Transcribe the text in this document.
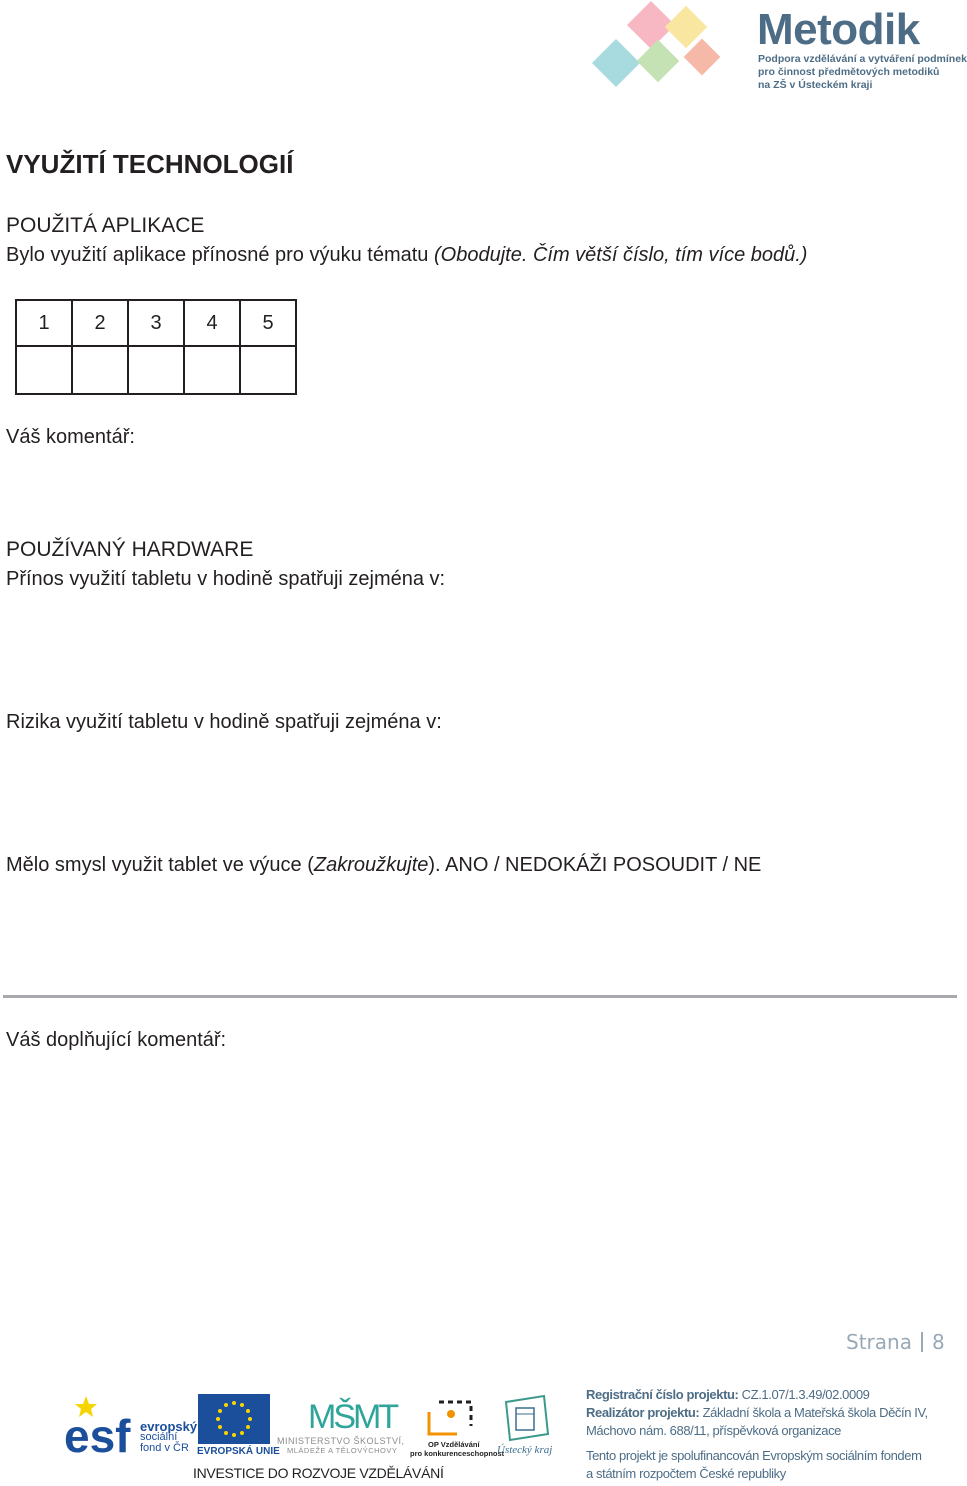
Metodik
Podpora vzdělávání a vytváření podmínek
pro činnost předmětových metodiků
na ZŠ v Ústeckém kraji
VYUŽITÍ TECHNOLOGIÍ
POUŽITÁ APLIKACE
Bylo využití aplikace přínosné pro výuku tématu (Obodujte. Čím větší číslo, tím více bodů.)
1	2	3	4	5

Váš komentář:
POUŽÍVANÝ HARDWARE
Přínos využití tabletu v hodině spatřuji zejména v:
Rizika využití tabletu v hodině spatřuji zejména v:
Mělo smysl využit tablet ve výuce (Zakroužkujte). ANO / NEDOKÁŽI POSOUDIT / NE
Váš doplňující komentář:
Strana 8
esf evropský
sociální
fond v ČR EVROPSKÁ UNIE
MŠMT
MINISTERSTVO ŠKOLSTVÍ,
MLÁDEŽE A TĚLOVÝCHOVY
OP Vzdělávání
pro konkurenceschopnost
Ústecký kraj
INVESTICE DO ROZVOJE VZDĚLÁVÁNÍ
Registrační číslo projektu: CZ.1.07/1.3.49/02.0009
Realizátor projektu: Základní škola a Mateřská škola Děčín IV,
Máchovo nám. 688/11, příspěvková organizace
Tento projekt je spolufinancován Evropským sociálním fondem
a státním rozpočtem České republiky
